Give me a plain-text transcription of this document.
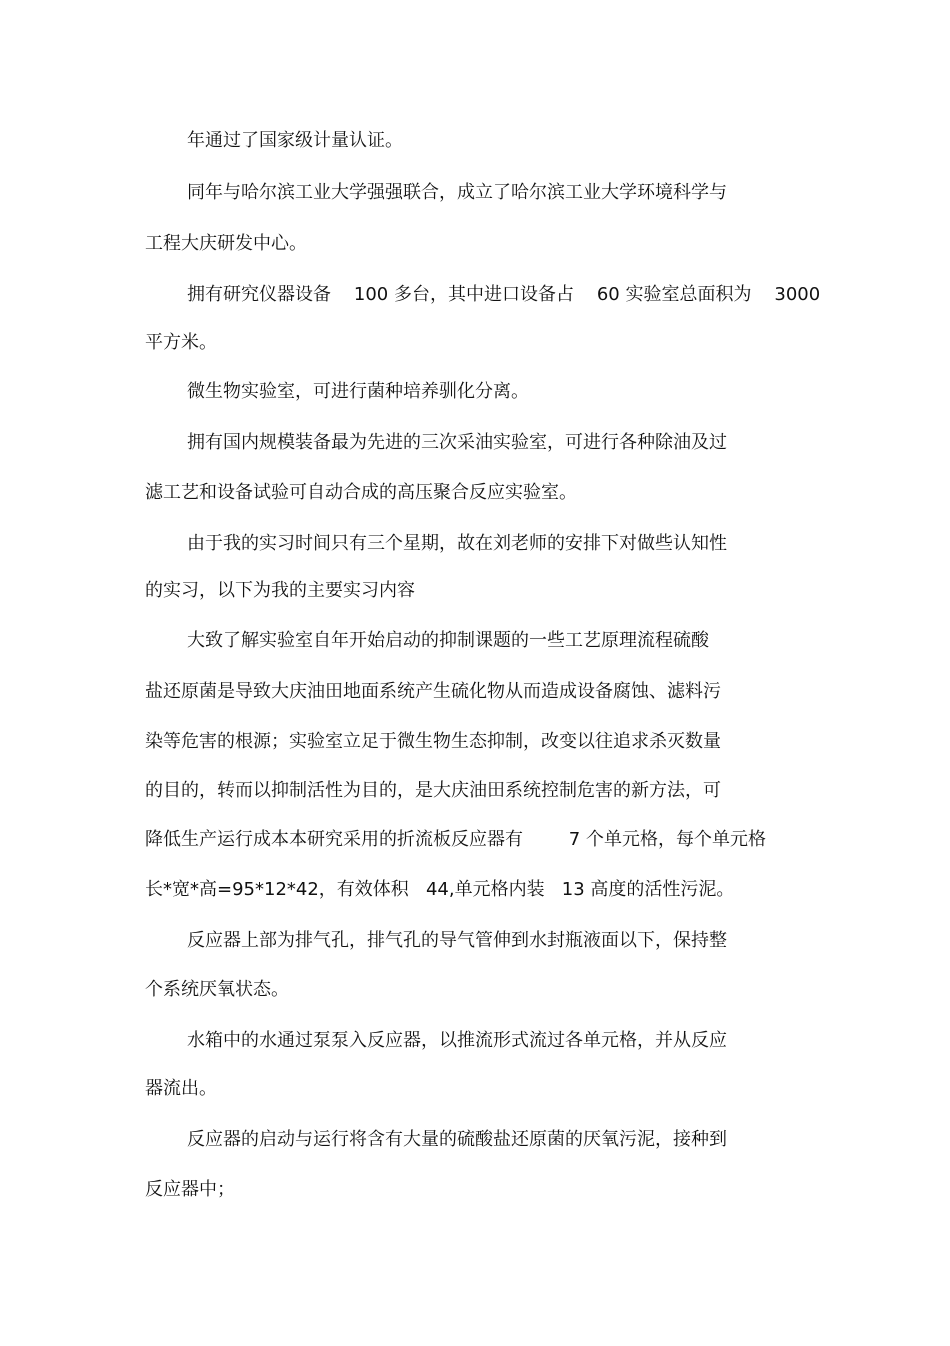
年通过了国家级计量认证。
同年与哈尔滨工业大学强强联合，成立了哈尔滨工业大学环境科学与
工程大庆研发中心。
拥有研究仪器设备    100 多台，其中进口设备占    60 实验室总面积为    3000
平方米。
微生物实验室，可进行菌种培养驯化分离。
拥有国内规模装备最为先进的三次采油实验室，可进行各种除油及过
滤工艺和设备试验可自动合成的高压聚合反应实验室。
由于我的实习时间只有三个星期，故在刘老师的安排下对做些认知性
的实习，以下为我的主要实习内容
大致了解实验室自年开始启动的抑制课题的一些工艺原理流程硫酸
盐还原菌是导致大庆油田地面系统产生硫化物从而造成设备腐蚀、滤料污
染等危害的根源；实验室立足于微生物生态抑制，改变以往追求杀灭数量
的目的，转而以抑制活性为目的，是大庆油田系统控制危害的新方法，可
降低生产运行成本本研究采用的折流板反应器有        7 个单元格，每个单元格
长*宽*高=95*12*42，有效体积   44,单元格内装   13 高度的活性污泥。
反应器上部为排气孔，排气孔的导气管伸到水封瓶液面以下，保持整
个系统厌氧状态。
水箱中的水通过泵泵入反应器，以推流形式流过各单元格，并从反应
器流出。
反应器的启动与运行将含有大量的硫酸盐还原菌的厌氧污泥，接种到
反应器中；
